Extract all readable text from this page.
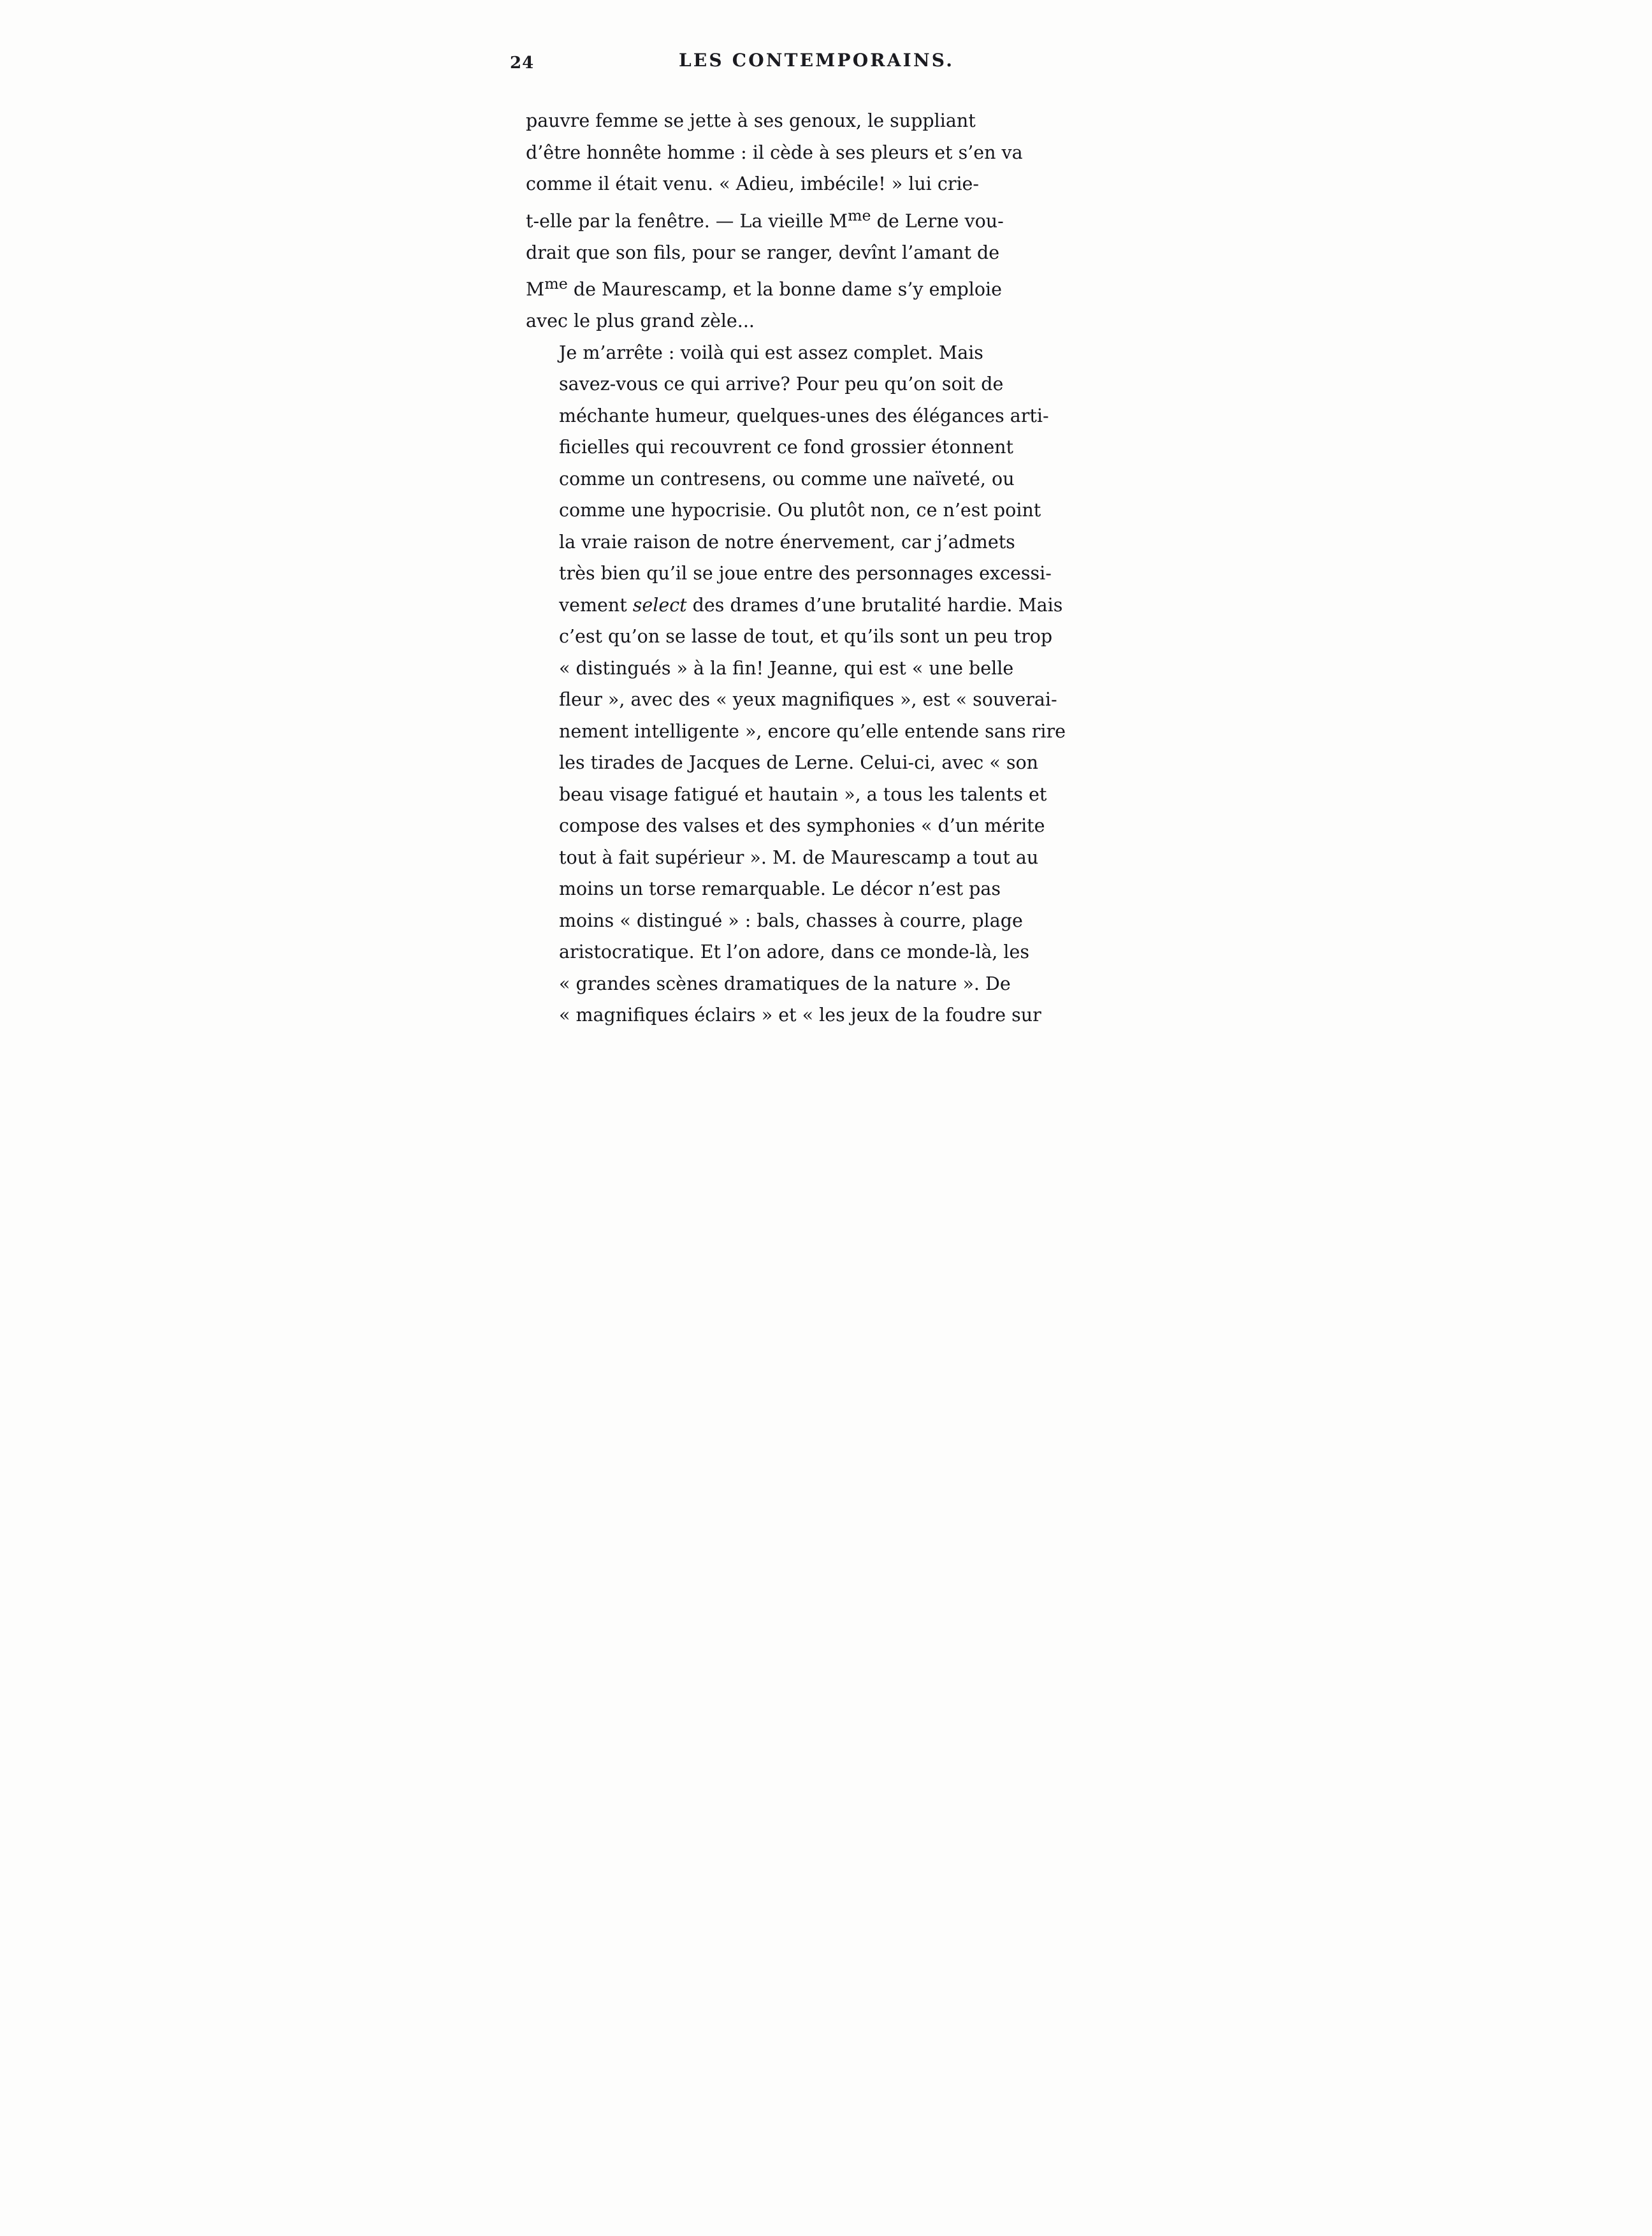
24	LES CONTEMPORAINS.

pauvre femme se jette à ses genoux, le suppliant
d’être honnête homme : il cède à ses pleurs et s’en va
comme il était venu. « Adieu, imbécile! » lui crie-
t-elle par la fenêtre. — La vieille $M^{me}$ de Lerne vou-
drait que son fils, pour se ranger, devînt l’amant de
$M^{me}$ de Maurescamp, et la bonne dame s’y emploie
avec le plus grand zèle...

Je m’arrête : voilà qui est assez complet. Mais
savez-vous ce qui arrive? Pour peu qu’on soit de
méchante humeur, quelques-unes des élégances arti-
ficielles qui recouvrent ce fond grossier étonnent
comme un contresens, ou comme une naïveté, ou
comme une hypocrisie. Ou plutôt non, ce n’est point
la vraie raison de notre énervement, car j’admets
très bien qu’il se joue entre des personnages excessi-
vement select des drames d’une brutalité hardie. Mais
c’est qu’on se lasse de tout, et qu’ils sont un peu trop
« distingués » à la fin! Jeanne, qui est « une belle
fleur », avec des « yeux magnifiques », est « souverai-
nement intelligente », encore qu’elle entende sans rire
les tirades de Jacques de Lerne. Celui-ci, avec « son
beau visage fatigué et hautain », a tous les talents et
compose des valses et des symphonies « d’un mérite
tout à fait supérieur ». M. de Maurescamp a tout au
moins un torse remarquable. Le décor n’est pas
moins « distingué » : bals, chasses à courre, plage
aristocratique. Et l’on adore, dans ce monde-là, les
« grandes scènes dramatiques de la nature ». De
« magnifiques éclairs » et « les jeux de la foudre sur
